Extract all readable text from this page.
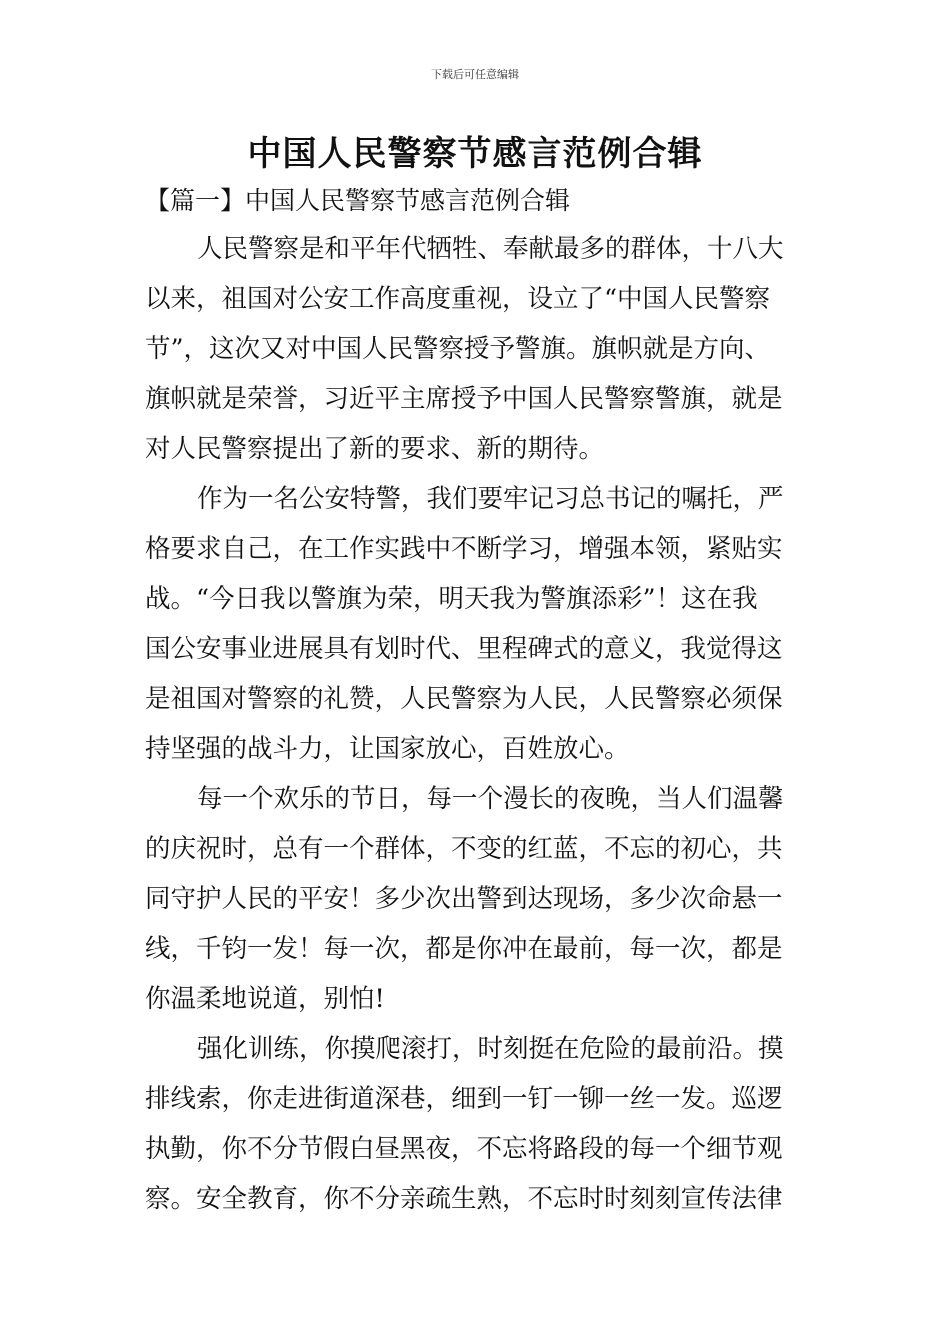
下载后可任意编辑
中国人民警察节感言范例合辑
【篇一】中国人民警察节感言范例合辑
人民警察是和平年代牺牲、奉献最多的群体，十八大
以来，祖国对公安工作高度重视，设立了“中国人民警察
节”，这次又对中国人民警察授予警旗。旗帜就是方向、
旗帜就是荣誉，习近平主席授予中国人民警察警旗，就是
对人民警察提出了新的要求、新的期待。
作为一名公安特警，我们要牢记习总书记的嘱托，严
格要求自己，在工作实践中不断学习，增强本领，紧贴实
战。“今日我以警旗为荣，明天我为警旗添彩”！这在我
国公安事业进展具有划时代、里程碑式的意义，我觉得这
是祖国对警察的礼赞，人民警察为人民，人民警察必须保
持坚强的战斗力，让国家放心，百姓放心。
每一个欢乐的节日，每一个漫长的夜晚，当人们温馨
的庆祝时，总有一个群体，不变的红蓝，不忘的初心，共
同守护人民的平安！多少次出警到达现场，多少次命悬一
线，千钧一发！每一次，都是你冲在最前，每一次，都是
你温柔地说道，别怕!
强化训练，你摸爬滚打，时刻挺在危险的最前沿。摸
排线索，你走进街道深巷，细到一钉一铆一丝一发。巡逻
执勤，你不分节假白昼黑夜，不忘将路段的每一个细节观
察。安全教育，你不分亲疏生熟，不忘时时刻刻宣传法律
